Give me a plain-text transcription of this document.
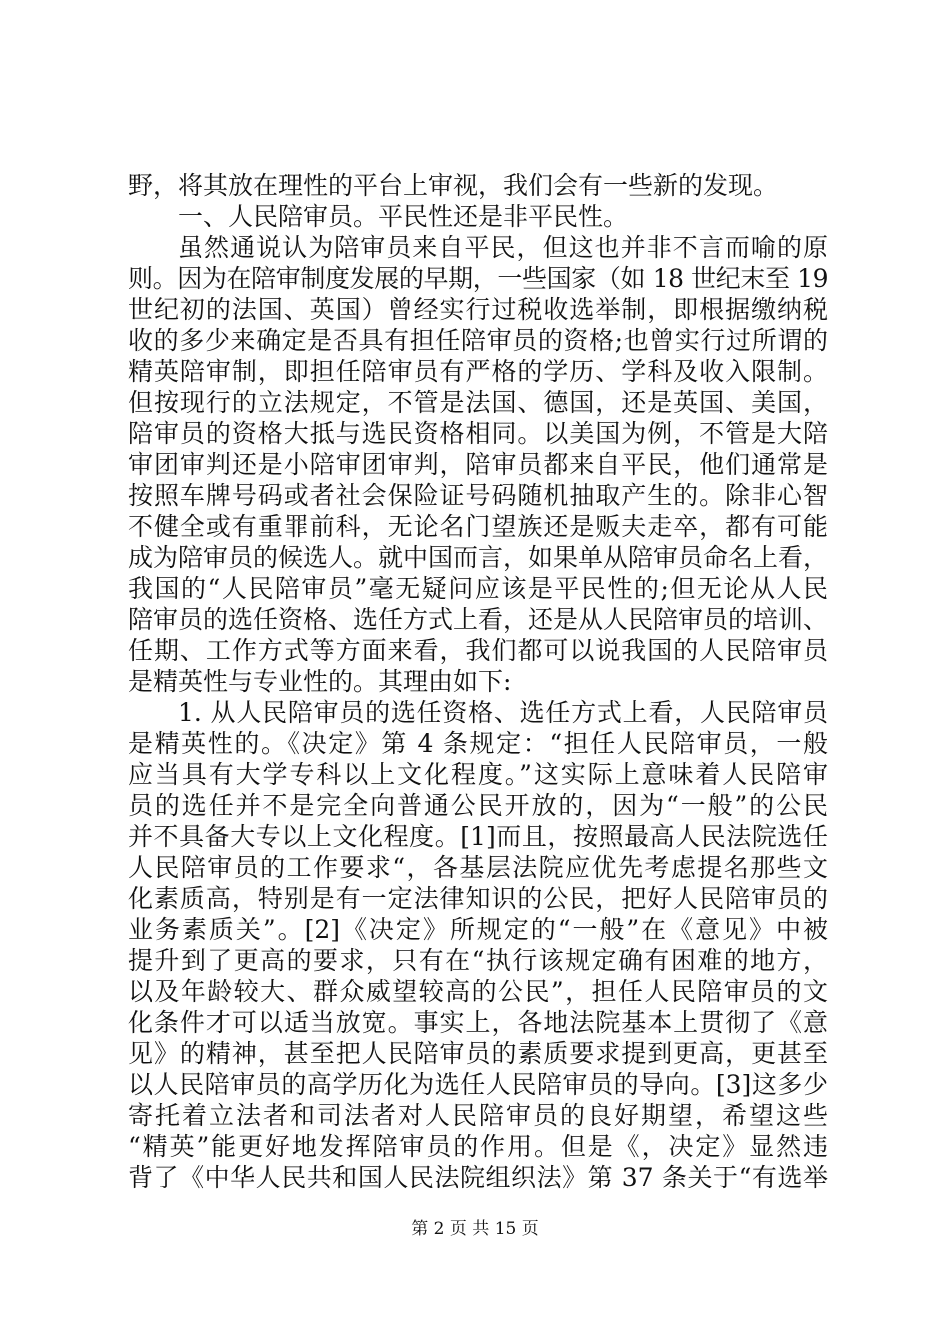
野，将其放在理性的平台上审视，我们会有一些新的发现。
一、人民陪审员。平民性还是非平民性。
虽然通说认为陪审员来自平民，但这也并非不言而喻的原
则。因为在陪审制度发展的早期，一些国家（如 18 世纪末至 19
世纪初的法国、英国）曾经实行过税收选举制，即根据缴纳税
收的多少来确定是否具有担任陪审员的资格;也曾实行过所谓的
精英陪审制，即担任陪审员有严格的学历、学科及收入限制。
但按现行的立法规定，不管是法国、德国，还是英国、美国，
陪审员的资格大抵与选民资格相同。以美国为例，不管是大陪
审团审判还是小陪审团审判，陪审员都来自平民，他们通常是
按照车牌号码或者社会保险证号码随机抽取产生的。除非心智
不健全或有重罪前科，无论名门望族还是贩夫走卒，都有可能
成为陪审员的候选人。就中国而言，如果单从陪审员命名上看，
我国的“人民陪审员”毫无疑问应该是平民性的;但无论从人民
陪审员的选任资格、选任方式上看，还是从人民陪审员的培训、
任期、工作方式等方面来看，我们都可以说我国的人民陪审员
是精英性与专业性的。其理由如下:
1. 从人民陪审员的选任资格、选任方式上看，人民陪审员
是精英性的。《决定》第 4 条规定：“担任人民陪审员，一般
应当具有大学专科以上文化程度。”这实际上意味着人民陪审
员的选任并不是完全向普通公民开放的，因为“一般”的公民
并不具备大专以上文化程度。[1]而且，按照最高人民法院选任
人民陪审员的工作要求“，各基层法院应优先考虑提名那些文
化素质高，特别是有一定法律知识的公民，把好人民陪审员的
业务素质关”。[2]《决定》所规定的“一般”在《意见》中被
提升到了更高的要求，只有在“执行该规定确有困难的地方，
以及年龄较大、群众威望较高的公民”，担任人民陪审员的文
化条件才可以适当放宽。事实上，各地法院基本上贯彻了《意
见》的精神，甚至把人民陪审员的素质要求提到更高，更甚至
以人民陪审员的高学历化为选任人民陪审员的导向。[3]这多少
寄托着立法者和司法者对人民陪审员的良好期望，希望这些
“精英”能更好地发挥陪审员的作用。但是《，决定》显然违
背了《中华人民共和国人民法院组织法》第 37 条关于“有选举
第 2 页 共 15 页
